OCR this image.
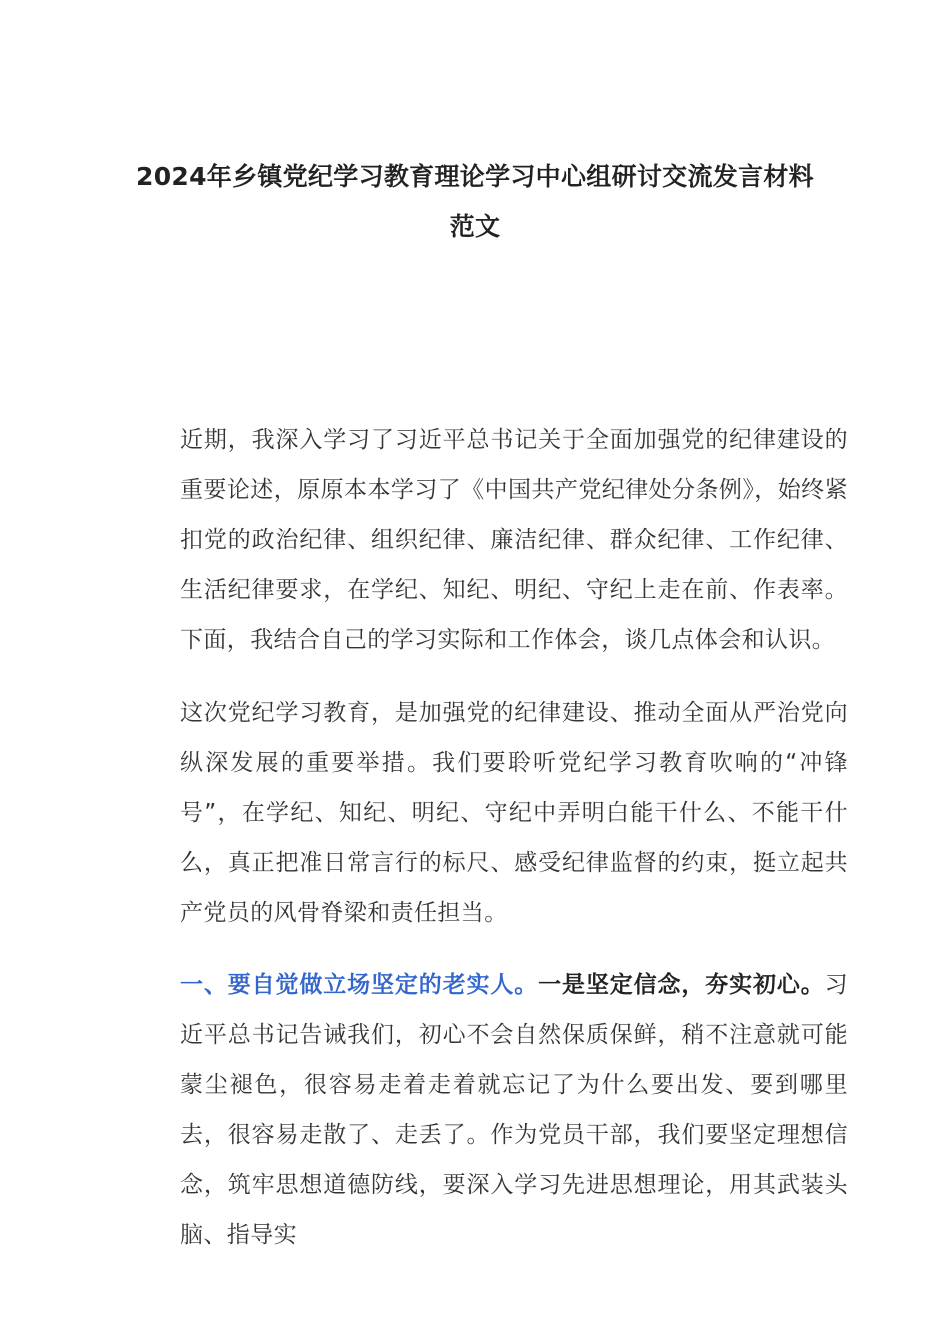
2024年乡镇党纪学习教育理论学习中心组研讨交流发言材料范文
近期，我深入学习了习近平总书记关于全面加强党的纪律建设的重要论述，原原本本学习了《中国共产党纪律处分条例》，始终紧扣党的政治纪律、组织纪律、廉洁纪律、群众纪律、工作纪律、生活纪律要求，在学纪、知纪、明纪、守纪上走在前、作表率。下面，我结合自己的学习实际和工作体会，谈几点体会和认识。
这次党纪学习教育，是加强党的纪律建设、推动全面从严治党向纵深发展的重要举措。我们要聆听党纪学习教育吹响的“冲锋号”，在学纪、知纪、明纪、守纪中弄明白能干什么、不能干什么，真正把准日常言行的标尺、感受纪律监督的约束，挺立起共产党员的风骨脊梁和责任担当。
一、要自觉做立场坚定的老实人。一是坚定信念，夯实初心。习近平总书记告诫我们，初心不会自然保质保鲜，稍不注意就可能蒙尘褪色，很容易走着走着就忘记了为什么要出发、要到哪里去，很容易走散了、走丢了。作为党员干部，我们要坚定理想信念，筑牢思想道德防线，要深入学习先进思想理论，用其武装头脑、指导实
